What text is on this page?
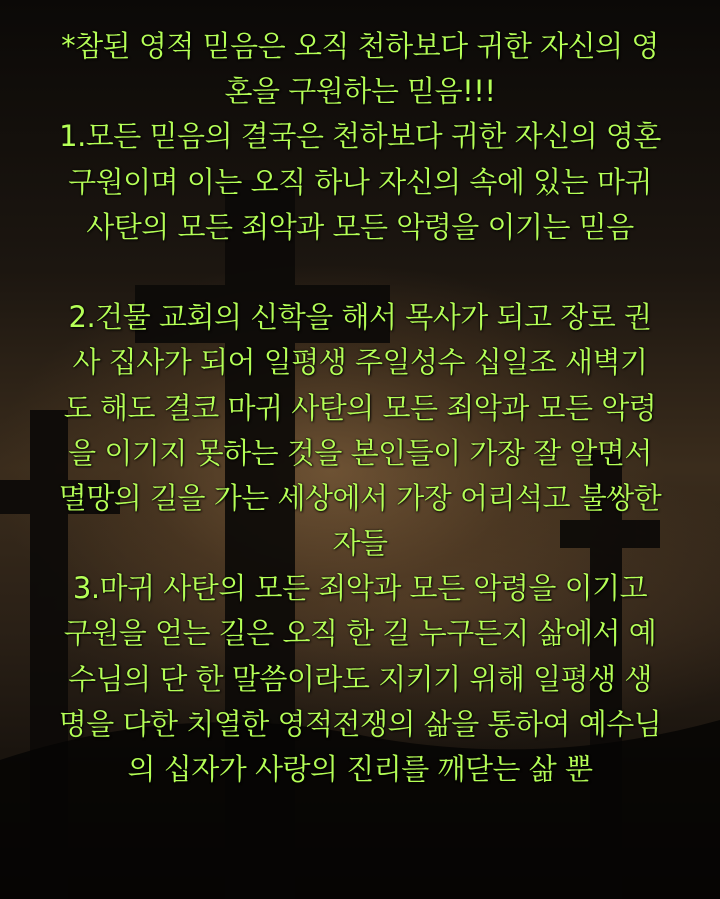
*참된 영적 믿음은 오직 천하보다 귀한 자신의 영
혼을 구원하는 믿음!!!
1.모든 믿음의 결국은 천하보다 귀한 자신의 영혼
구원이며 이는 오직 하나 자신의 속에 있는 마귀
사탄의 모든 죄악과 모든 악령을 이기는 믿음
2.건물 교회의 신학을 해서 목사가 되고 장로 권
사 집사가 되어 일평생 주일성수 십일조 새벽기
도 해도 결코 마귀 사탄의 모든 죄악과 모든 악령
을 이기지 못하는 것을 본인들이 가장 잘 알면서
멸망의 길을 가는 세상에서 가장 어리석고 불쌍한
자들
3.마귀 사탄의 모든 죄악과 모든 악령을 이기고
구원을 얻는 길은 오직 한 길 누구든지 삶에서 예
수님의 단 한 말씀이라도 지키기 위해 일평생 생
명을 다한 치열한 영적전쟁의 삶을 통하여 예수님
의 십자가 사랑의 진리를 깨닫는 삶 뿐
